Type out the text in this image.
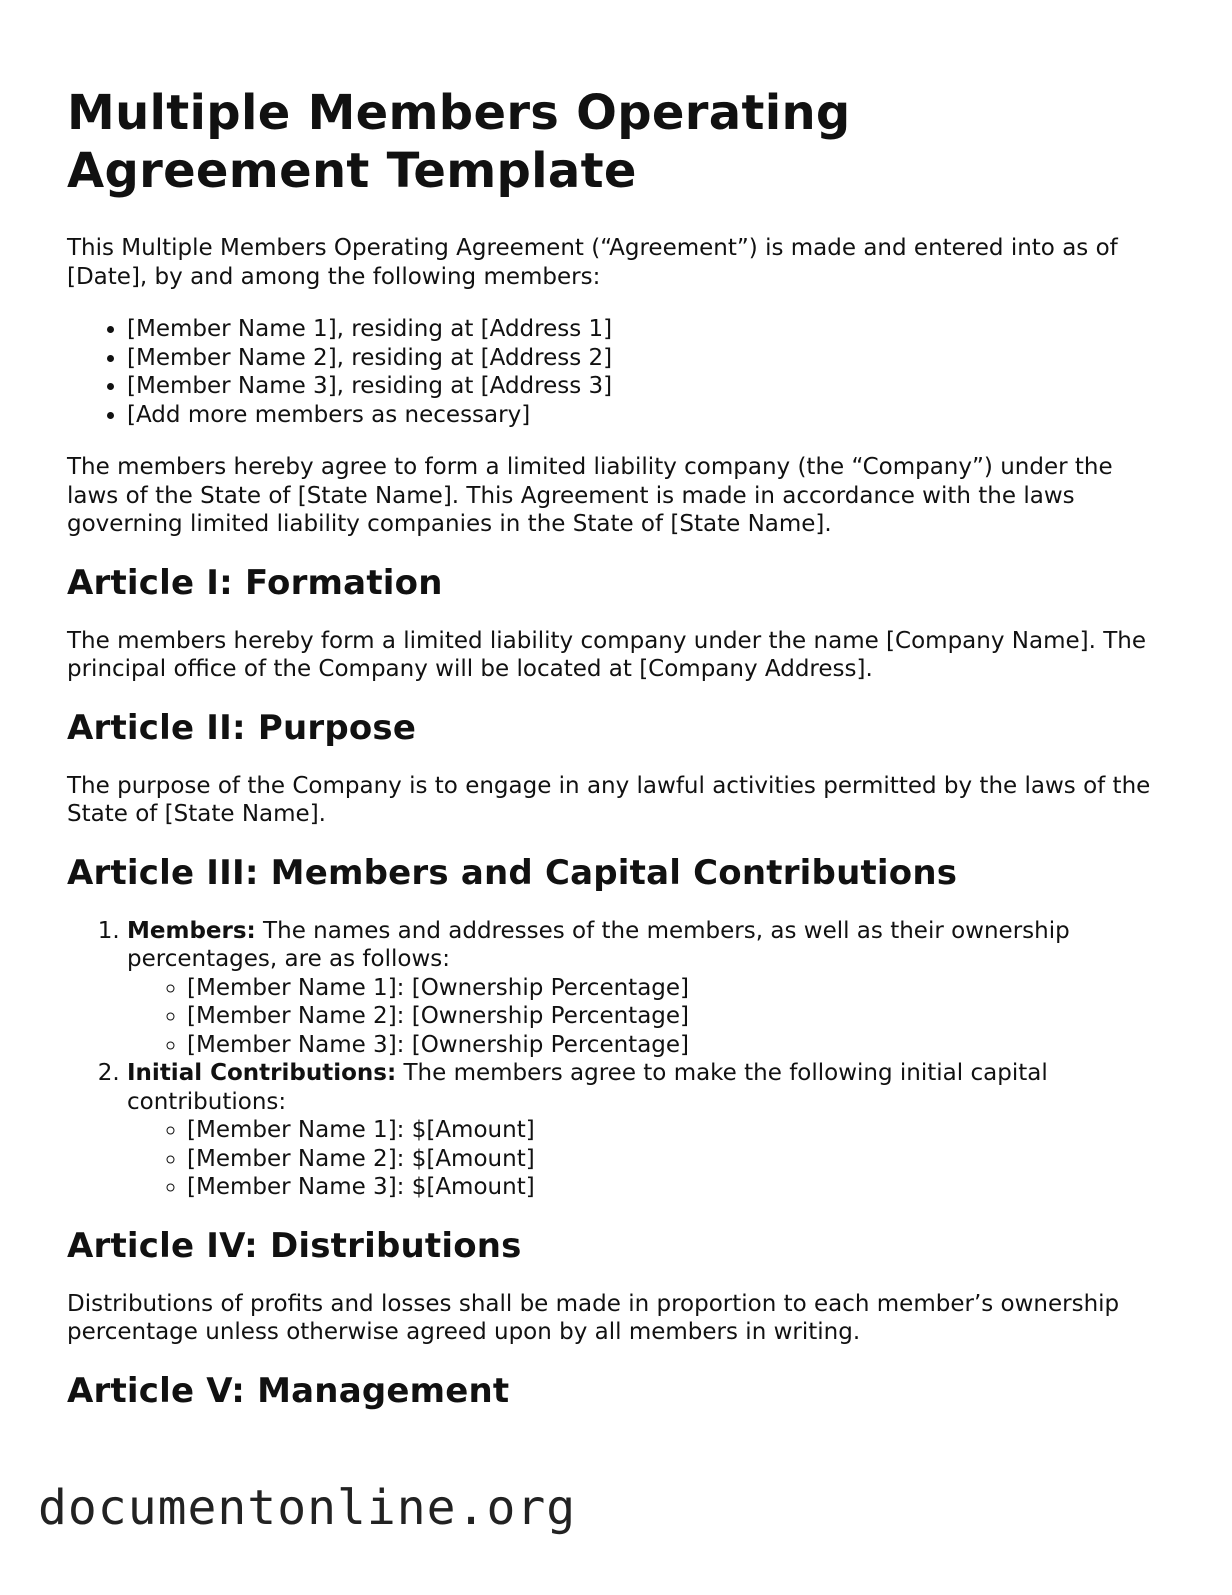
Multiple Members Operating Agreement Template

This Multiple Members Operating Agreement (“Agreement”) is made and entered into as of [Date], by and among the following members:

• [Member Name 1], residing at [Address 1]
• [Member Name 2], residing at [Address 2]
• [Member Name 3], residing at [Address 3]
• [Add more members as necessary]

The members hereby agree to form a limited liability company (the “Company”) under the laws of the State of [State Name]. This Agreement is made in accordance with the laws governing limited liability companies in the State of [State Name].

Article I: Formation

The members hereby form a limited liability company under the name [Company Name]. The principal office of the Company will be located at [Company Address].

Article II: Purpose

The purpose of the Company is to engage in any lawful activities permitted by the laws of the State of [State Name].

Article III: Members and Capital Contributions
1. Members: The names and addresses of the members, as well as their ownership percentages, are as follows:
◦ [Member Name 1]: [Ownership Percentage]
◦ [Member Name 2]: [Ownership Percentage]
◦ [Member Name 3]: [Ownership Percentage]
2. Initial Contributions: The members agree to make the following initial capital contributions:
◦ [Member Name 1]: $[Amount]
◦ [Member Name 2]: $[Amount]
◦ [Member Name 3]: $[Amount]
Article IV: Distributions

Distributions of profits and losses shall be made in proportion to each member’s ownership percentage unless otherwise agreed upon by all members in writing.

Article V: Management
documentonline.org
